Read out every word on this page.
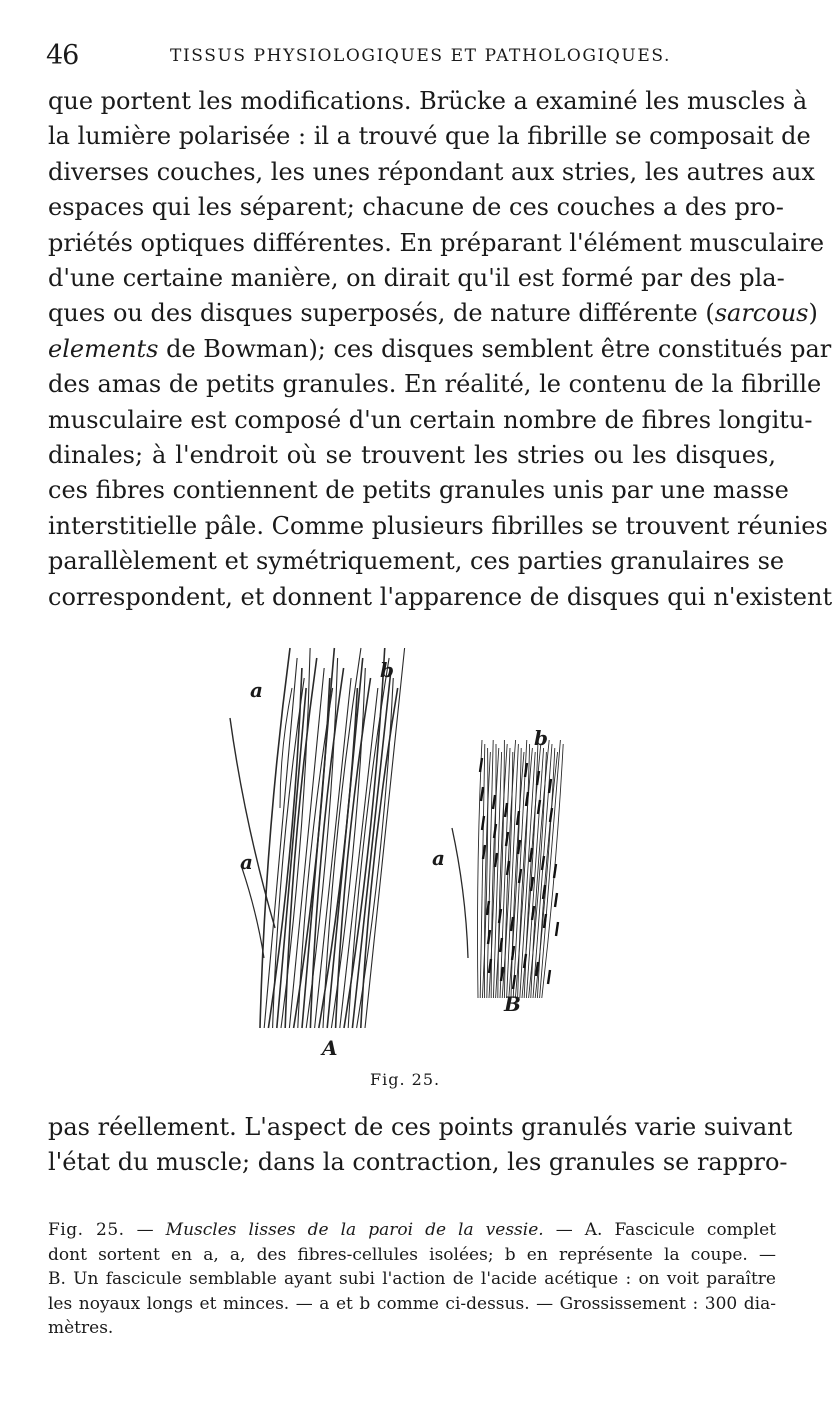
46	TISSUS PHYSIOLOGIQUES ET PATHOLOGIQUES.
que portent les modifications. Brücke a examiné les muscles à
la lumière polarisée : il a trouvé que la fibrille se composait de
diverses couches, les unes répondant aux stries, les autres aux
espaces qui les séparent; chacune de ces couches a des pro-
priétés optiques différentes. En préparant l'élément musculaire
d'une certaine manière, on dirait qu'il est formé par des pla-
ques ou des disques superposés, de nature différente (sarcous)
elements de Bowman); ces disques semblent être constitués par
des amas de petits granules. En réalité, le contenu de la fibrille
musculaire est composé d'un certain nombre de fibres longitu-
dinales; à l'endroit où se trouvent les stries ou les disques,
ces fibres contiennent de petits granules unis par une masse
interstitielle pâle. Comme plusieurs fibrilles se trouvent réunies
parallèlement et symétriquement, ces parties granulaires se
correspondent, et donnent l'apparence de disques qui n'existent
a
a	a
b
b
A
B
Fig. 25.
pas réellement. L'aspect de ces points granulés varie suivant
l'état du muscle; dans la contraction, les granules se rappro-
Fig. 25. — Muscles lisses de la paroi de la vessie. — A. Fascicule complet
dont sortent en a, a, des fibres-cellules isolées; b en représente la coupe. —
B. Un fascicule semblable ayant subi l'action de l'acide acétique : on voit paraître
les noyaux longs et minces. — a et b comme ci-dessus. — Grossissement : 300 dia-
mètres.
